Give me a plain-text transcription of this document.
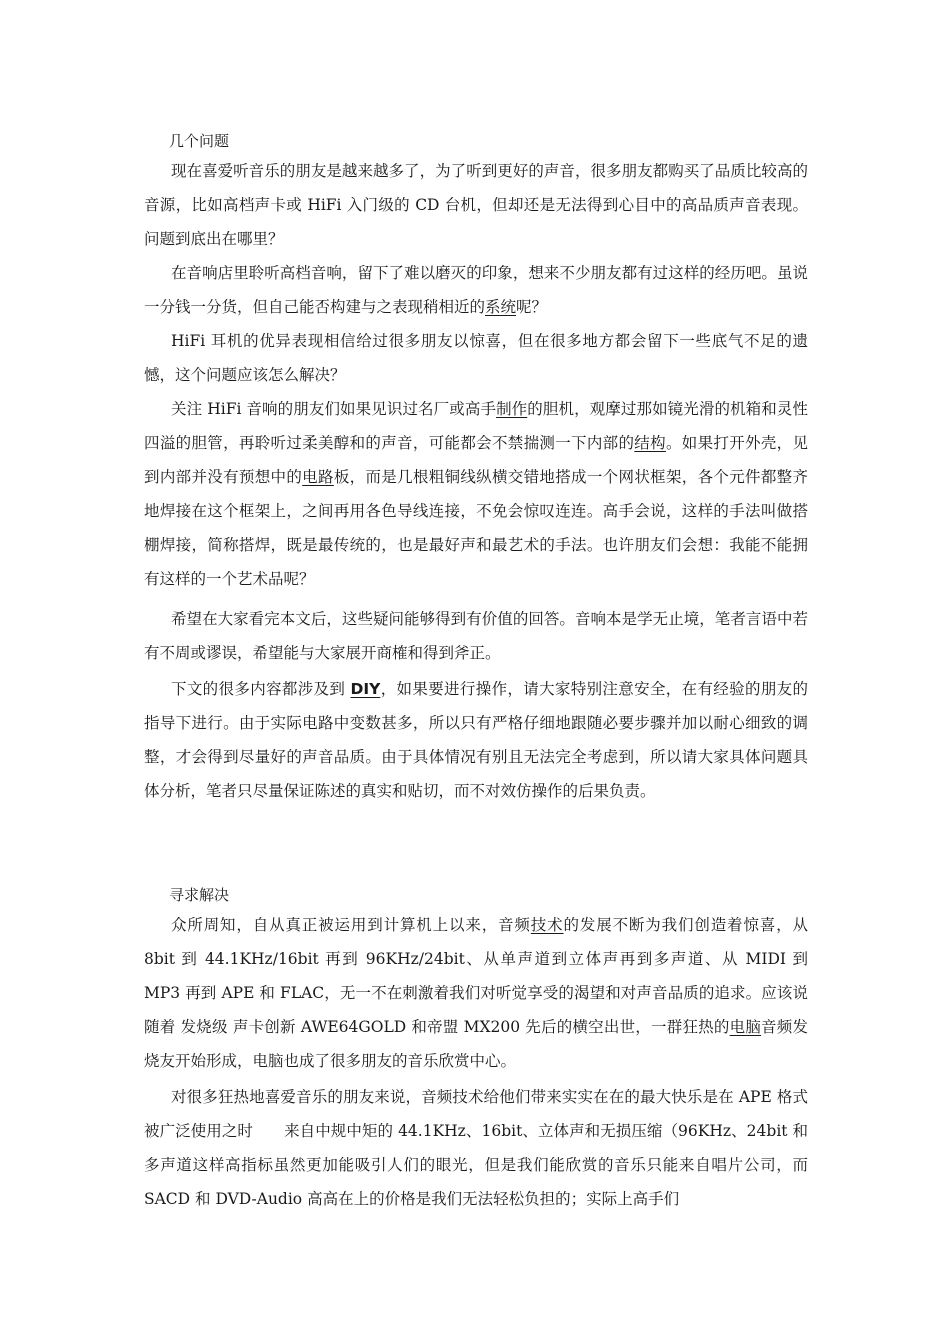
几个问题

现在喜爱听音乐的朋友是越来越多了，为了听到更好的声音，很多朋友都购买了品质比较高的音源，比如高档声卡或 HiFi 入门级的 CD 台机，但却还是无法得到心目中的高品质声音表现。问题到底出在哪里？

在音响店里聆听高档音响，留下了难以磨灭的印象，想来不少朋友都有过这样的经历吧。虽说一分钱一分货，但自己能否构建与之表现稍相近的系统呢？

HiFi 耳机的优异表现相信给过很多朋友以惊喜，但在很多地方都会留下一些底气不足的遗憾，这个问题应该怎么解决？

关注 HiFi 音响的朋友们如果见识过名厂或高手制作的胆机，观摩过那如镜光滑的机箱和灵性四溢的胆管，再聆听过柔美醇和的声音，可能都会不禁揣测一下内部的结构。如果打开外壳，见到内部并没有预想中的电路板，而是几根粗铜线纵横交错地搭成一个网状框架，各个元件都整齐地焊接在这个框架上，之间再用各色导线连接，不免会惊叹连连。高手会说，这样的手法叫做搭棚焊接，简称搭焊，既是最传统的，也是最好声和最艺术的手法。也许朋友们会想：我能不能拥有这样的一个艺术品呢？

希望在大家看完本文后，这些疑问能够得到有价值的回答。音响本是学无止境，笔者言语中若有不周或谬误，希望能与大家展开商榷和得到斧正。

下文的很多内容都涉及到 DIY，如果要进行操作，请大家特别注意安全，在有经验的朋友的指导下进行。由于实际电路中变数甚多，所以只有严格仔细地跟随必要步骤并加以耐心细致的调整，才会得到尽量好的声音品质。由于具体情况有别且无法完全考虑到，所以请大家具体问题具体分析，笔者只尽量保证陈述的真实和贴切，而不对效仿操作的后果负责。

寻求解决

众所周知，自从真正被运用到计算机上以来，音频技术的发展不断为我们创造着惊喜，从 8bit 到 44.1KHz/16bit 再到 96KHz/24bit、从单声道到立体声再到多声道、从 MIDI 到 MP3 再到 APE 和 FLAC，无一不在刺激着我们对听觉享受的渴望和对声音品质的追求。应该说随着 发烧级 声卡创新 AWE64GOLD 和帝盟 MX200 先后的横空出世，一群狂热的电脑音频发烧友开始形成，电脑也成了很多朋友的音乐欣赏中心。

对很多狂热地喜爱音乐的朋友来说，音频技术给他们带来实实在在的最大快乐是在 APE 格式被广泛使用之时　　来自中规中矩的 44.1KHz、16bit、立体声和无损压缩（96KHz、24bit 和多声道这样高指标虽然更加能吸引人们的眼光，但是我们能欣赏的音乐只能来自唱片公司，而 SACD 和 DVD-Audio 高高在上的价格是我们无法轻松负担的；实际上高手们
